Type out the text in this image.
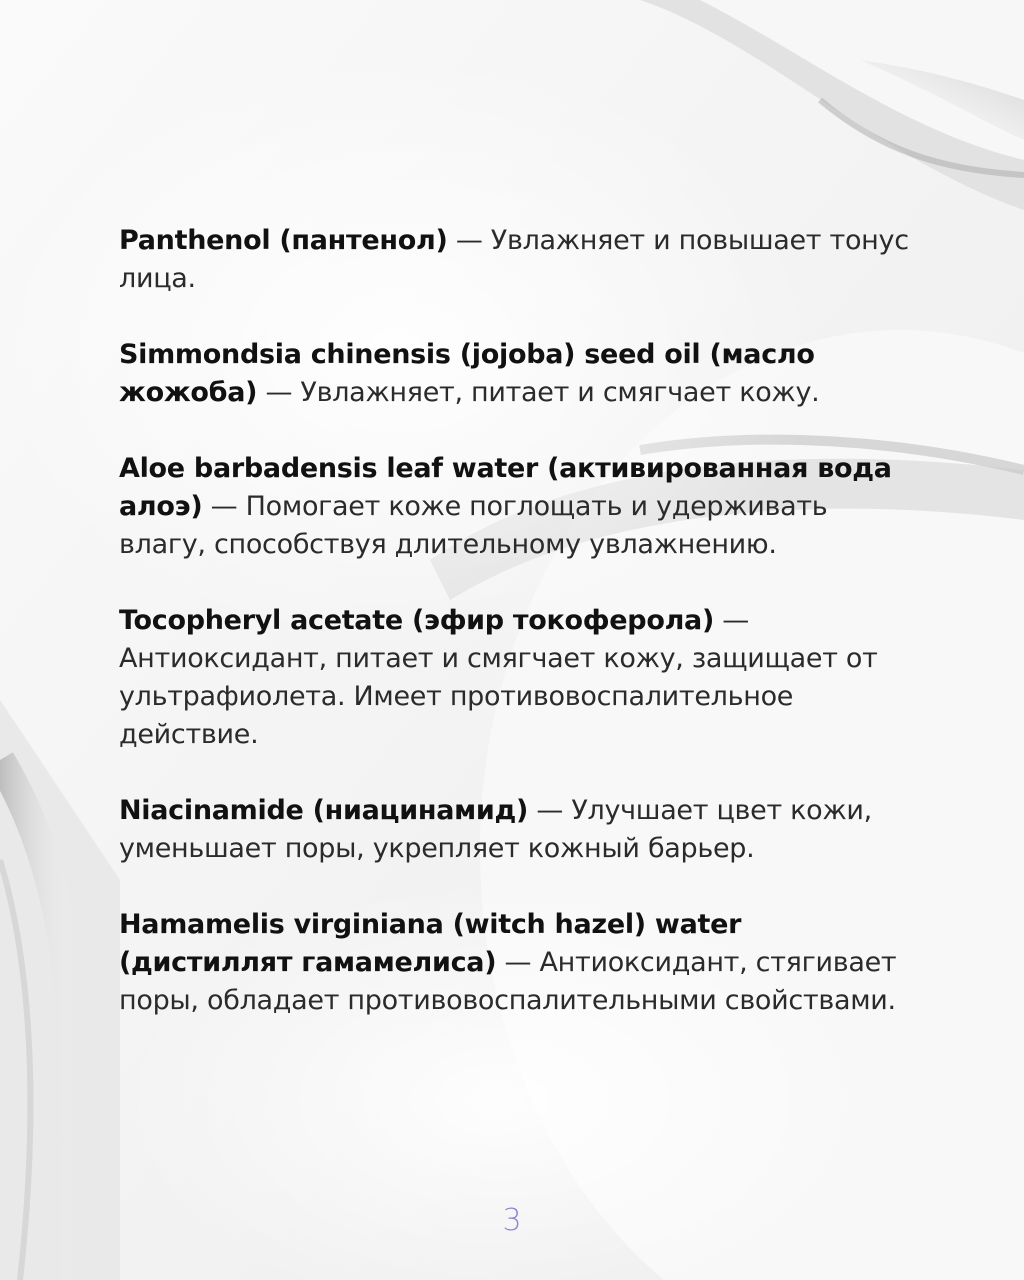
Panthenol (пантенол) — Увлажняет и повышает тонус лица.

Simmondsia chinensis (jojoba) seed oil (масло жожоба) — Увлажняет, питает и смягчает кожу.

Aloe barbadensis leaf water (активированная вода алоэ) — Помогает коже поглощать и удерживать влагу, способствуя длительному увлажнению.

Tocopheryl acetate (эфир токоферола) — Антиоксидант, питает и смягчает кожу, защищает от ультрафиолета. Имеет противовоспалительное действие.

Niacinamide (ниацинамид) — Улучшает цвет кожи, уменьшает поры, укрепляет кожный барьер.

Hamamelis virginiana (witch hazel) water (дистиллят гамамелиса) — Антиоксидант, стягивает поры, обладает противовоспалительными свойствами.

3
